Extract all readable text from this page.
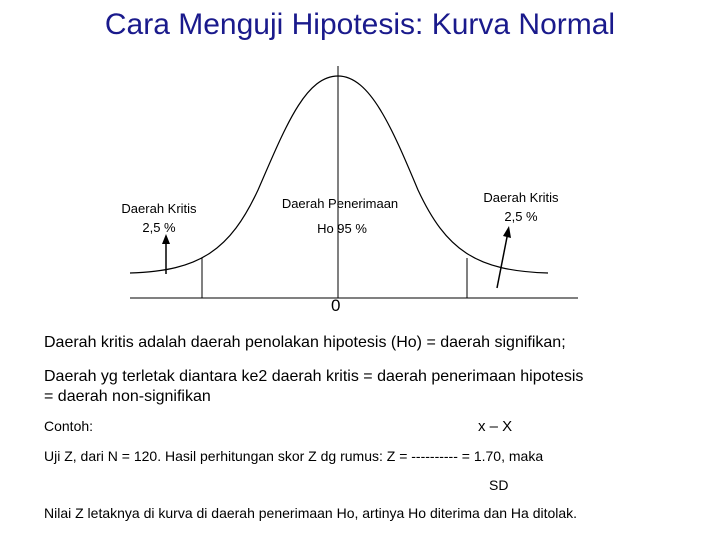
Cara Menguji Hipotesis: Kurva Normal
Daerah Kritis
2,5 %
Daerah Penerimaan
Ho 95 %
Daerah Kritis
2,5 %
0
Daerah kritis adalah daerah penolakan hipotesis (Ho) = daerah signifikan;
Daerah yg terletak diantara ke2 daerah kritis = daerah penerimaan hipotesis
= daerah non-signifikan
Contoh:	x – X
Uji Z, dari N = 120. Hasil perhitungan skor Z dg rumus: Z = ---------- = 1.70, maka
SD
Nilai Z letaknya di kurva di daerah penerimaan Ho, artinya Ho diterima dan Ha ditolak.
